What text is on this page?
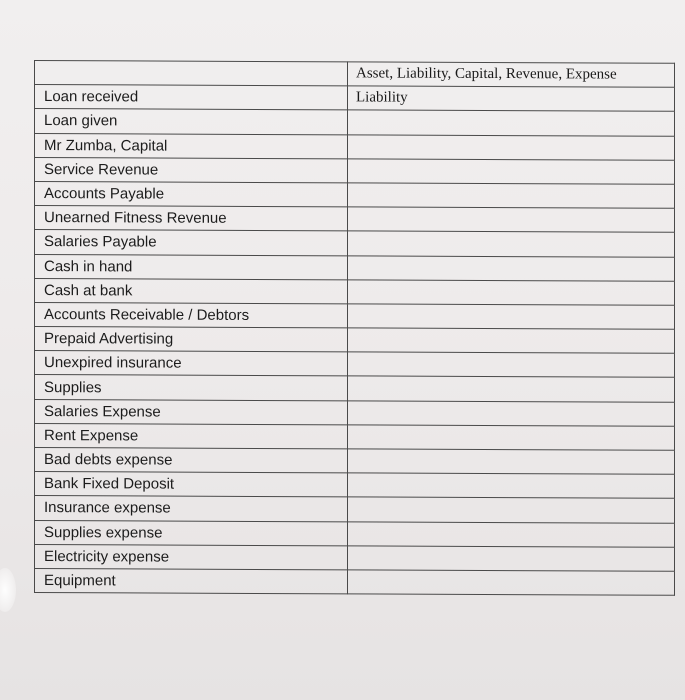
	Asset, Liability, Capital, Revenue, Expense
Loan received	Liability
Loan given	
Mr Zumba, Capital	
Service Revenue	
Accounts Payable	
Unearned Fitness Revenue	
Salaries Payable	
Cash in hand	
Cash at bank	
Accounts Receivable / Debtors	
Prepaid Advertising	
Unexpired insurance	
Supplies	
Salaries Expense	
Rent Expense	
Bad debts expense	
Bank Fixed Deposit	
Insurance expense	
Supplies expense	
Electricity expense	
Equipment	
